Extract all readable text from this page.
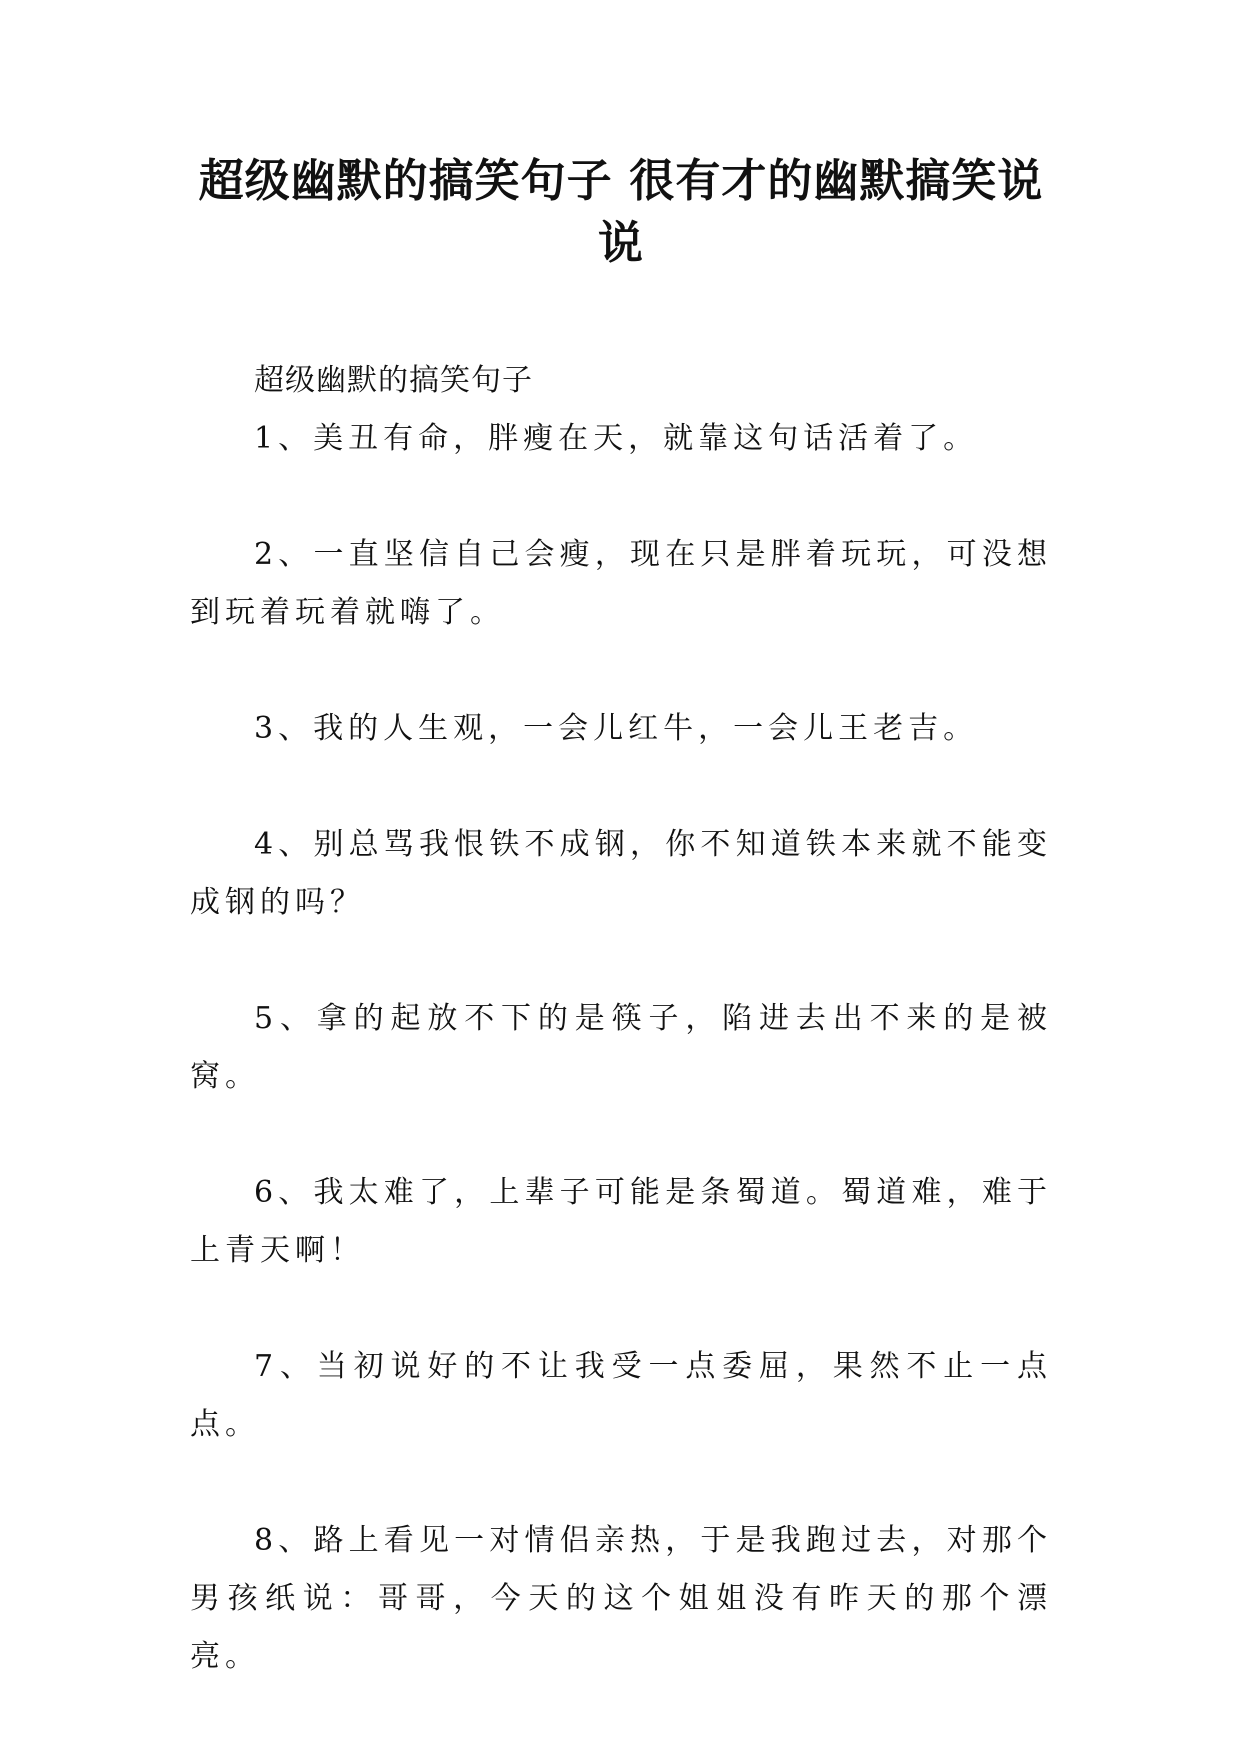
超级幽默的搞笑句子 很有才的幽默搞笑说说

超级幽默的搞笑句子

1、美丑有命，胖瘦在天，就靠这句话活着了。

2、一直坚信自己会瘦，现在只是胖着玩玩，可没想到玩着玩着就嗨了。

3、我的人生观，一会儿红牛，一会儿王老吉。

4、别总骂我恨铁不成钢，你不知道铁本来就不能变成钢的吗？

5、拿的起放不下的是筷子，陷进去出不来的是被窝。

6、我太难了，上辈子可能是条蜀道。蜀道难，难于上青天啊！

7、当初说好的不让我受一点委屈，果然不止一点点。

8、路上看见一对情侣亲热，于是我跑过去，对那个男孩纸说：哥哥，今天的这个姐姐没有昨天的那个漂亮。
